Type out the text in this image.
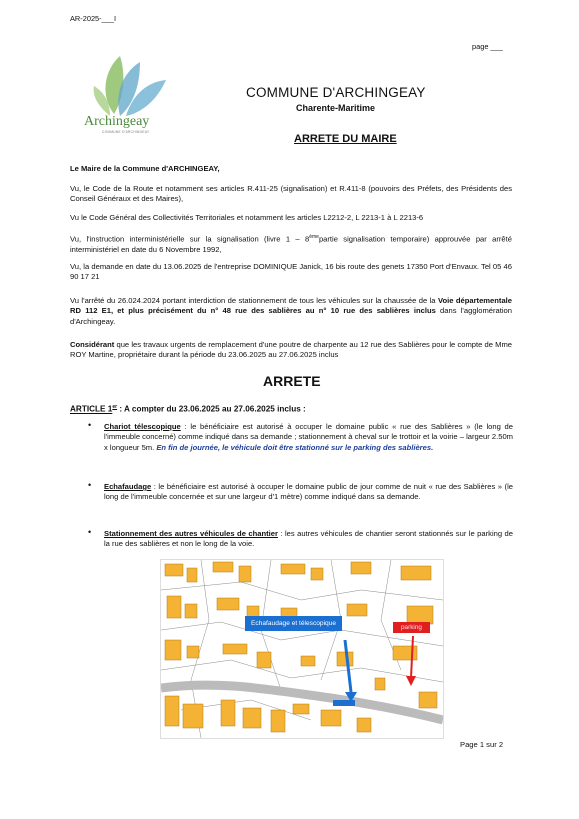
AR-2025-___I
page ___
Archingeay
COMMUNE D'ARCHINGEAY
COMMUNE D'ARCHINGEAY
Charente-Maritime
ARRETE DU MAIRE
Le Maire de la Commune d'ARCHINGEAY,
Vu, le Code de la Route et notamment ses articles R.411-25 (signalisation) et R.411-8 (pouvoirs des Préfets, des Présidents des Conseil Généraux et des Maires),
Vu le Code Général des Collectivités Territoriales et notamment les articles L2212-2, L 2213-1 à L 2213-6
Vu, l'instruction interministérielle sur la signalisation (livre 1 – 8èmepartie signalisation temporaire) approuvée par arrêté interministériel en date du 6 Novembre 1992,
Vu, la demande en date du 13.06.2025 de l'entreprise DOMINIQUE Janick, 16 bis route des genets 17350 Port d'Envaux. Tel 05 46 90 17 21
Vu l'arrêté du 26.024.2024 portant interdiction de stationnement de tous les véhicules sur la chaussée de la Voie départementale RD 112 E1, et plus précisément du n° 48 rue des sablières au n° 10 rue des sablières inclus dans l'agglomération d'Archingeay.
Considérant que les travaux urgents de remplacement d'une poutre de charpente au 12 rue des Sablières pour le compte de Mme ROY Martine, propriétaire durant la période du 23.06.2025 au 27.06.2025 inclus
ARRETE
ARTICLE 1er : A compter du 23.06.2025 au 27.06.2025 inclus :
• Chariot télescopique : le bénéficiaire est autorisé à occuper le domaine public « rue des Sablières » (le long de l'immeuble concerné) comme indiqué dans sa demande ; stationnement à cheval sur le trottoir et la voirie – largeur 2.50m x longueur 5m. En fin de journée, le véhicule doit être stationné sur le parking des sablières.
• Echafaudage : le bénéficiaire est autorisé à occuper le domaine public de jour comme de nuit « rue des Sablières » (le long de l'immeuble concernée et sur une largeur d'1 mètre) comme indiqué dans sa demande.
• Stationnement des autres véhicules de chantier : les autres véhicules de chantier seront stationnés sur le parking de la rue des sablières et non le long de la voie.
Echafaudage et télescopique
parking
Page 1 sur 2
